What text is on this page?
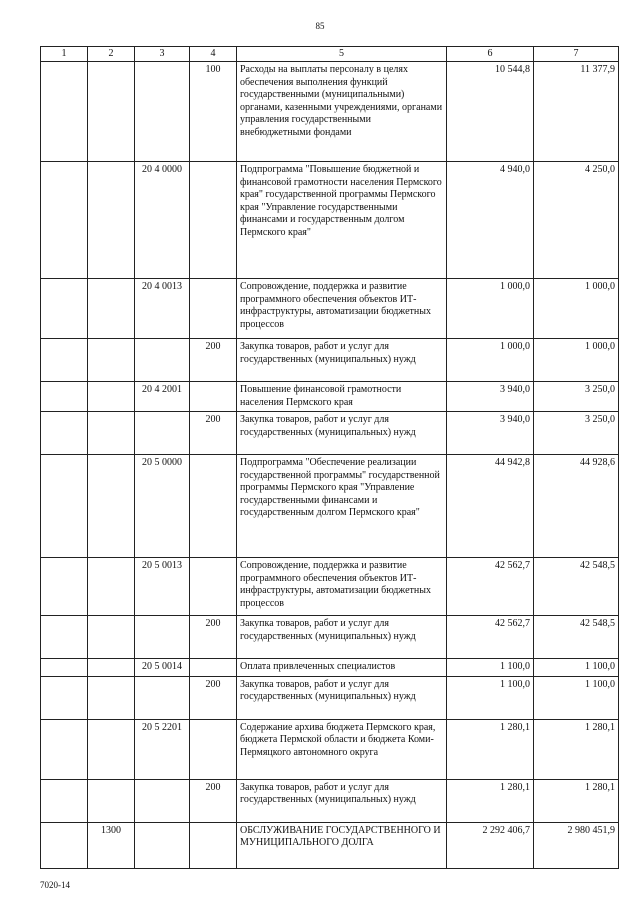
85
1	2	3	4	5	6	7
			100	Расходы на выплаты персоналу в целях обеспечения выполнения функций государственными (муниципальными) органами, казенными учреждениями, органами управления государственными внебюджетными фондами	10 544,8	11 377,9
		20 4 0000		Подпрограмма "Повышение бюджетной и финансовой грамотности населения Пермского края" государственной программы Пермского края "Управление государственными финансами и государственным долгом Пермского края"	4 940,0	4 250,0
		20 4 0013		Сопровождение, поддержка и развитие программного обеспечения объектов ИТ-инфраструктуры, автоматизации бюджетных процессов	1 000,0	1 000,0
			200	Закупка товаров, работ и услуг для государственных (муниципальных) нужд	1 000,0	1 000,0
		20 4 2001		Повышение финансовой грамотности населения Пермского края	3 940,0	3 250,0
			200	Закупка товаров, работ и услуг для государственных (муниципальных) нужд	3 940,0	3 250,0
		20 5 0000		Подпрограмма "Обеспечение реализации государственной программы" государственной программы Пермского края "Управление государственными финансами и государственным долгом Пермского края"	44 942,8	44 928,6
		20 5 0013		Сопровождение, поддержка и развитие программного обеспечения объектов ИТ-инфраструктуры, автоматизации бюджетных процессов	42 562,7	42 548,5
			200	Закупка товаров, работ и услуг для государственных (муниципальных) нужд	42 562,7	42 548,5
		20 5 0014		Оплата привлеченных специалистов	1 100,0	1 100,0
			200	Закупка товаров, работ и услуг для государственных (муниципальных) нужд	1 100,0	1 100,0
		20 5 2201		Содержание архива бюджета Пермского края, бюджета Пермской области и бюджета Коми-Пермяцкого автономного округа	1 280,1	1 280,1
			200	Закупка товаров, работ и услуг для государственных (муниципальных) нужд	1 280,1	1 280,1
	1300			ОБСЛУЖИВАНИЕ ГОСУДАРСТВЕННОГО И МУНИЦИПАЛЬНОГО ДОЛГА	2 292 406,7	2 980 451,9
7020-14
